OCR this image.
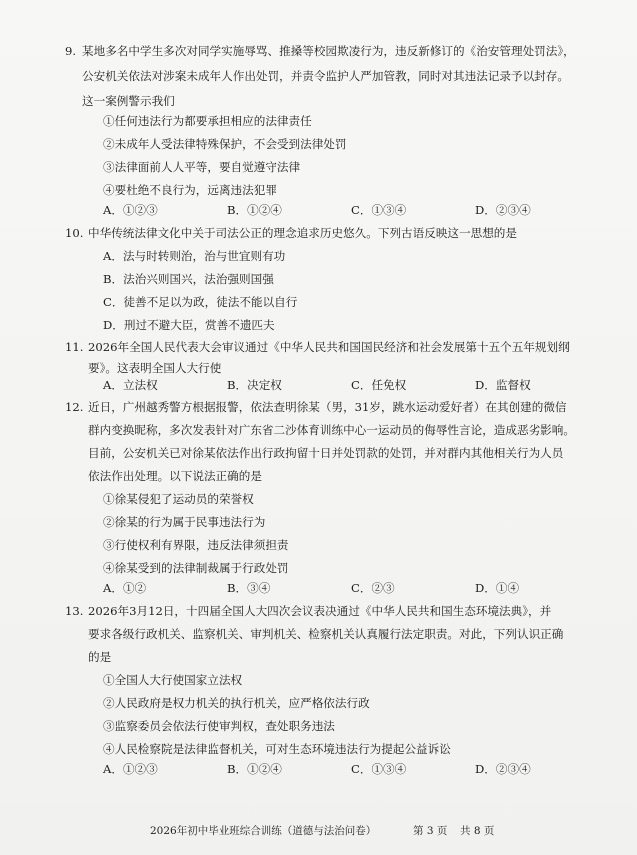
9. 某地多名中学生多次对同学实施辱骂、推搡等校园欺凌行为，违反新修订的《治安管理处罚法》，
公安机关依法对涉案未成年人作出处罚，并责令监护人严加管教，同时对其违法记录予以封存。
这一案例警示我们
①任何违法行为都要承担相应的法律责任
②未成年人受法律特殊保护，不会受到法律处罚
③法律面前人人平等，要自觉遵守法律
④要杜绝不良行为，远离违法犯罪
A．①②③	B．①②④	C．①③④	D．②③④
10. 中华传统法律文化中关于司法公正的理念追求历史悠久。下列古语反映这一思想的是
A．法与时转则治，治与世宜则有功
B．法治兴则国兴，法治强则国强
C．徒善不足以为政，徒法不能以自行
D．刑过不避大臣，赏善不遗匹夫
11. 2026年全国人民代表大会审议通过《中华人民共和国国民经济和社会发展第十五个五年规划纲
要》。这表明全国人大行使
A．立法权	B．决定权	C．任免权	D．监督权
12. 近日，广州越秀警方根据报警，依法查明徐某（男，31岁，跳水运动爱好者）在其创建的微信
群内变换昵称，多次发表针对广东省二沙体育训练中心一运动员的侮辱性言论，造成恶劣影响。
目前，公安机关已对徐某依法作出行政拘留十日并处罚款的处罚，并对群内其他相关行为人员
依法作出处理。以下说法正确的是
①徐某侵犯了运动员的荣誉权
②徐某的行为属于民事违法行为
③行使权利有界限，违反法律须担责
④徐某受到的法律制裁属于行政处罚
A．①②	B．③④	C．②③	D．①④
13. 2026年3月12日，十四届全国人大四次会议表决通过《中华人民共和国生态环境法典》，并
要求各级行政机关、监察机关、审判机关、检察机关认真履行法定职责。对此，下列认识正确
的是
①全国人大行使国家立法权
②人民政府是权力机关的执行机关，应严格依法行政
③监察委员会依法行使审判权，查处职务违法
④人民检察院是法律监督机关，可对生态环境违法行为提起公益诉讼
A．①②③	B．①②④	C．①③④	D．②③④
2026年初中毕业班综合训练（道德与法治问卷）	第 3 页 共 8 页
